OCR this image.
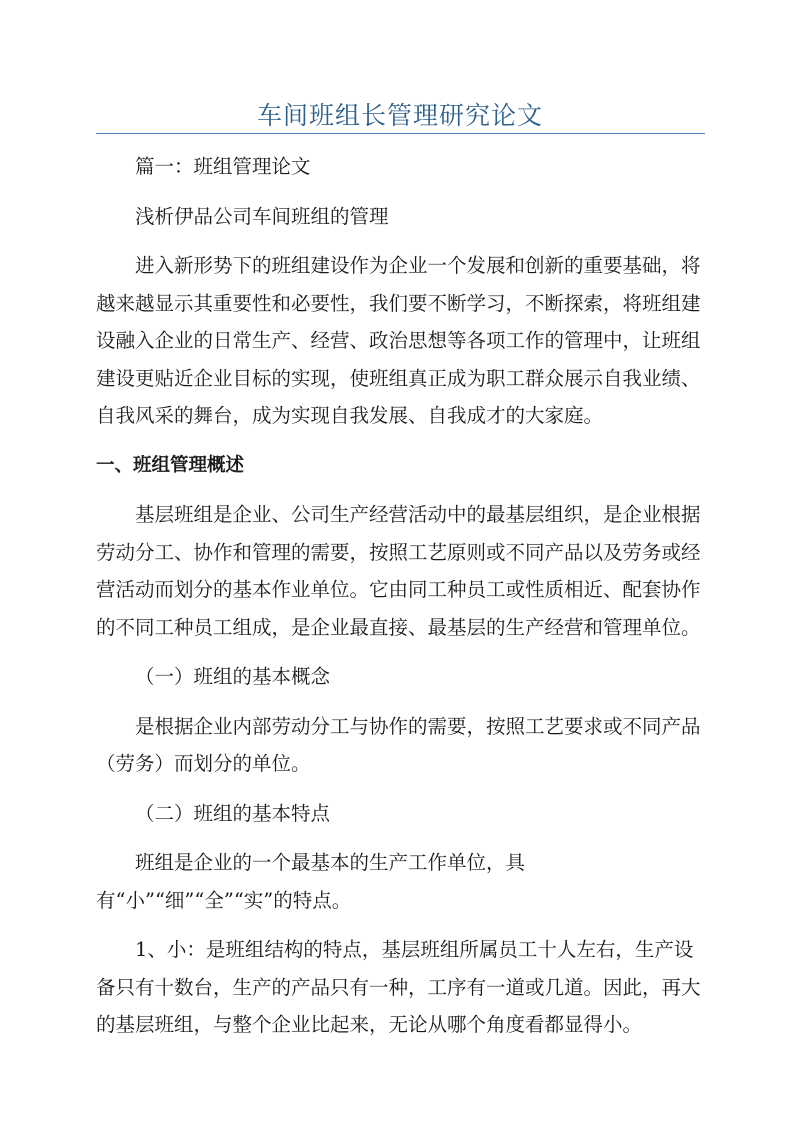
车间班组长管理研究论文

篇一：班组管理论文

浅析伊品公司车间班组的管理

进入新形势下的班组建设作为企业一个发展和创新的重要基础，将越来越显示其重要性和必要性，我们要不断学习，不断探索，将班组建设融入企业的日常生产、经营、政治思想等各项工作的管理中，让班组建设更贴近企业目标的实现，使班组真正成为职工群众展示自我业绩、自我风采的舞台，成为实现自我发展、自我成才的大家庭。

一、班组管理概述

基层班组是企业、公司生产经营活动中的最基层组织，是企业根据劳动分工、协作和管理的需要，按照工艺原则或不同产品以及劳务或经营活动而划分的基本作业单位。它由同工种员工或性质相近、配套协作的不同工种员工组成，是企业最直接、最基层的生产经营和管理单位。

（一）班组的基本概念

是根据企业内部劳动分工与协作的需要，按照工艺要求或不同产品（劳务）而划分的单位。

（二）班组的基本特点

班组是企业的一个最基本的生产工作单位，具有“小”“细”“全”“实”的特点。

1、小：是班组结构的特点，基层班组所属员工十人左右，生产设备只有十数台，生产的产品只有一种，工序有一道或几道。因此，再大的基层班组，与整个企业比起来，无论从哪个角度看都显得小。
